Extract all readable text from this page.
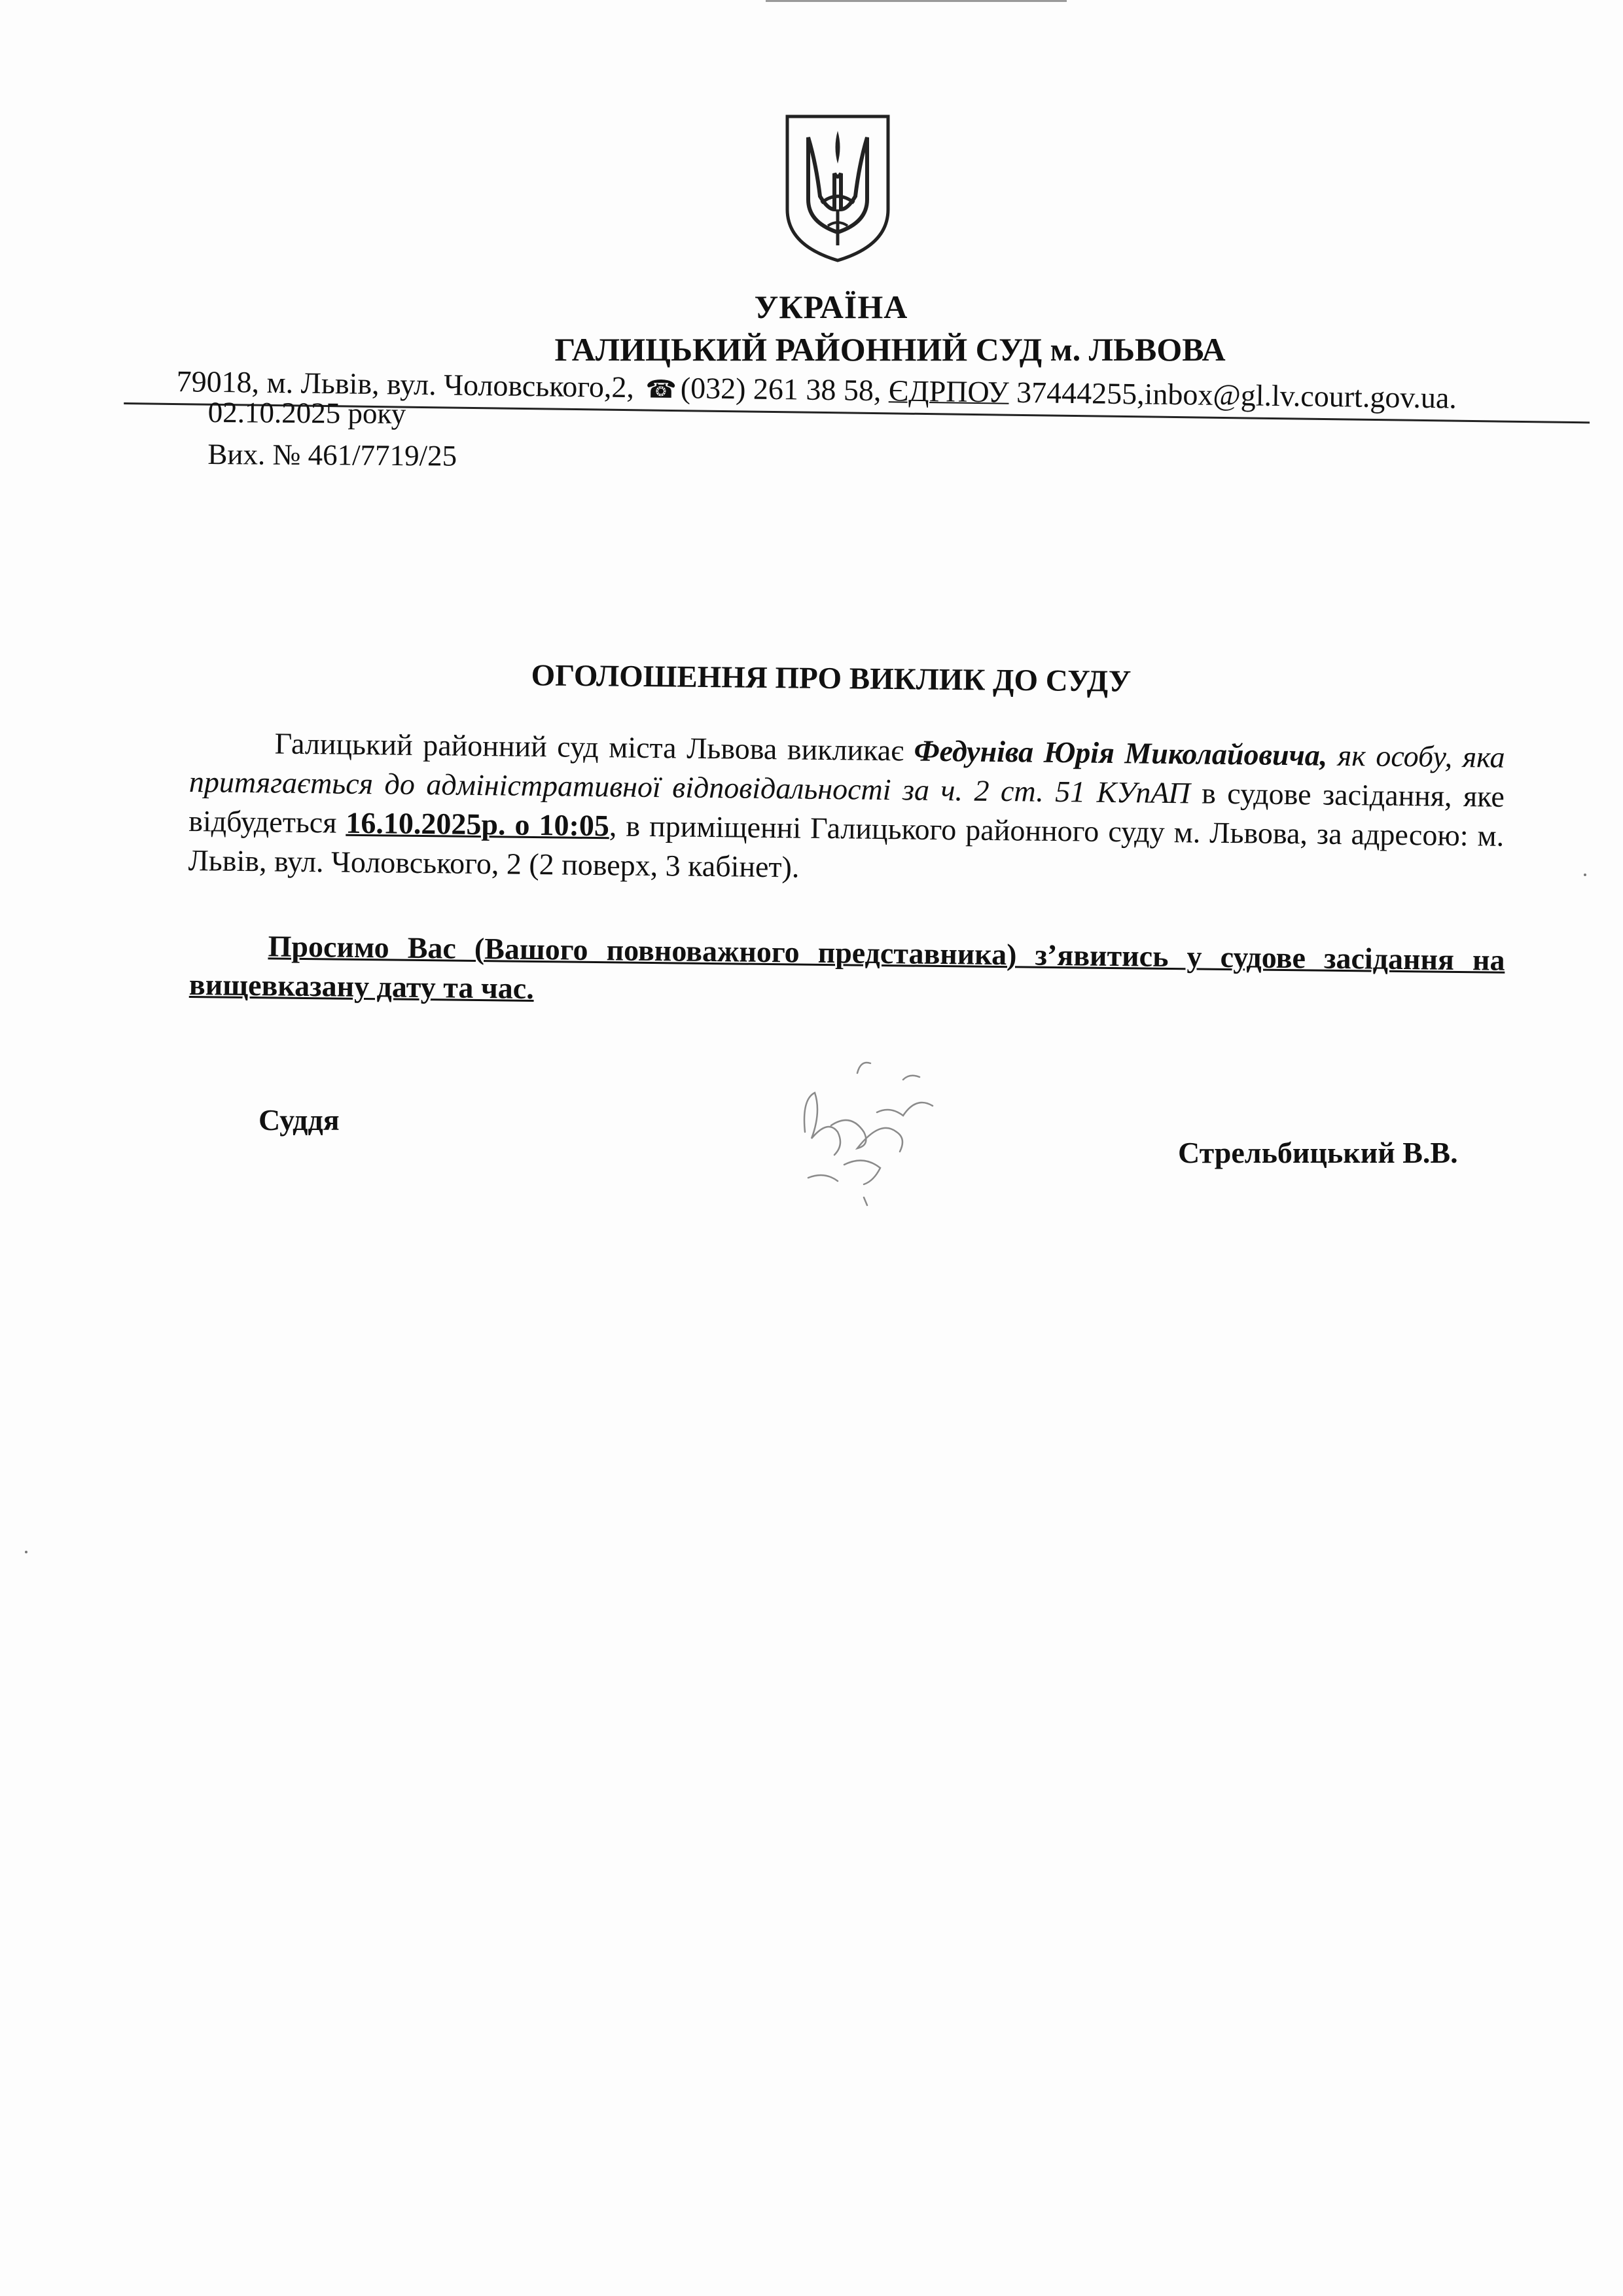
УКРАЇНА
ГАЛИЦЬКИЙ РАЙОННИЙ СУД м. ЛЬВОВА
79018, м. Львів, вул. Чоловського,2, ☎ (032) 261 38 58, ЄДРПОУ 37444255,inbox@gl.lv.court.gov.ua.
02.10.2025 року
Вих. № 461/7719/25
ОГОЛОШЕННЯ ПРО ВИКЛИК ДО СУДУ
Галицький районний суд міста Львова викликає Федуніва Юрія Миколайовича, як особу, яка притягається до адміністративної відповідальності за ч. 2 ст. 51 КУпАП в судове засідання, яке відбудеться 16.10.2025р. о 10:05, в приміщенні Галицького районного суду м. Львова, за адресою: м. Львів, вул. Чоловського, 2 (2 поверх, 3 кабінет).
Просимо Вас (Вашого повноважного представника) з’явитись у судове засідання на вищевказану дату та час.
Суддя
Стрельбицький В.В.
